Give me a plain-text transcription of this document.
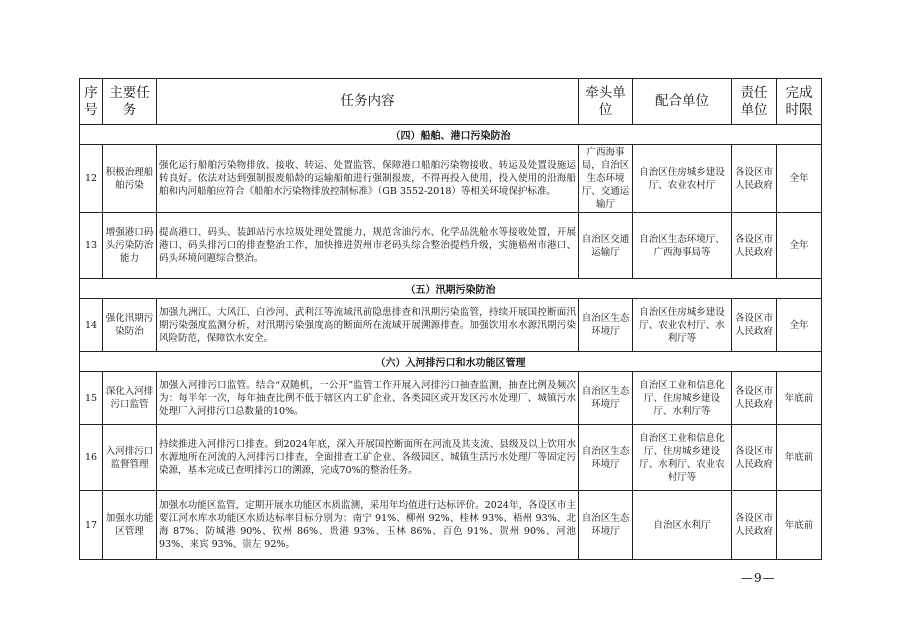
序号	主要任务	任务内容	牵头单位	配合单位	责任单位	完成时限
（四）船舶、港口污染防治						
12	积极治理船舶污染	强化运行船舶污染物排放、接收、转运、处置监管，保障港口船舶污染物接收、转运及处置设施运转良好。依法对达到强制报废船龄的运输船舶进行强制报废，不得再投入使用，投入使用的沿海船舶和内河船舶应符合《船舶水污染物排放控制标准》（GB 3552-2018）等相关环境保护标准。	广西海事局，自治区生态环境厅、交通运输厅	自治区住房城乡建设厅、农业农村厅	各设区市人民政府	全年
13	增强港口码头污染防治能力	提高港口、码头、装卸站污水垃圾处理处置能力，规范含油污水、化学品洗舱水等接收处置，开展港口、码头排污口的排查整治工作，加快推进贺州市老码头综合整治提档升级，实施梧州市港口、码头环境问题综合整治。	自治区交通运输厅	自治区生态环境厅、广西海事局等	各设区市人民政府	全年
（五）汛期污染防治						
14	强化汛期污染防治	加强九洲江、大风江、白沙河、武利江等流域汛前隐患排查和汛期污染监管，持续开展国控断面汛期污染强度监测分析，对汛期污染强度高的断面所在流域开展溯源排查。加强饮用水水源汛期污染风险防范，保障饮水安全。	自治区生态环境厅	自治区住房城乡建设厅、农业农村厅、水利厅等	各设区市人民政府	全年
（六）入河排污口和水功能区管理						
15	深化入河排污口监管	加强入河排污口监管。结合“双随机，一公开”监管工作开展入河排污口抽查监测，抽查比例及频次为：每半年一次，每年抽查比例不低于辖区内工矿企业、各类园区或开发区污水处理厂、城镇污水处理厂入河排污口总数量的10%。	自治区生态环境厅	自治区工业和信息化厅、住房城乡建设厅、水利厅等	各设区市人民政府	年底前
16	入河排污口监督管理	持续推进入河排污口排查。到2024年底，深入开展国控断面所在河流及其支流、县级及以上饮用水水源地所在河流的入河排污口排查，全面排查工矿企业、各级园区、城镇生活污水处理厂等固定污染源，基本完成已查明排污口的溯源，完成70%的整治任务。	自治区生态环境厅	自治区工业和信息化厅、住房城乡建设厅、水利厅、农业农村厅等	各设区市人民政府	年底前
17	加强水功能区管理	加强水功能区监管，定期开展水功能区水质监测，采用年均值进行达标评价。2024年，各设区市主要江河水库水功能区水质达标率目标分别为：南宁 91%、柳州 92%、桂林 93%、梧州 93%、北海 87%、防城港 90%、钦州 86%、贵港 93%、玉林 86%、百色 91%、贺州 90%、河池 93%、来宾 93%、崇左 92%。	自治区生态环境厅	自治区水利厅	各设区市人民政府	年底前
—9—
